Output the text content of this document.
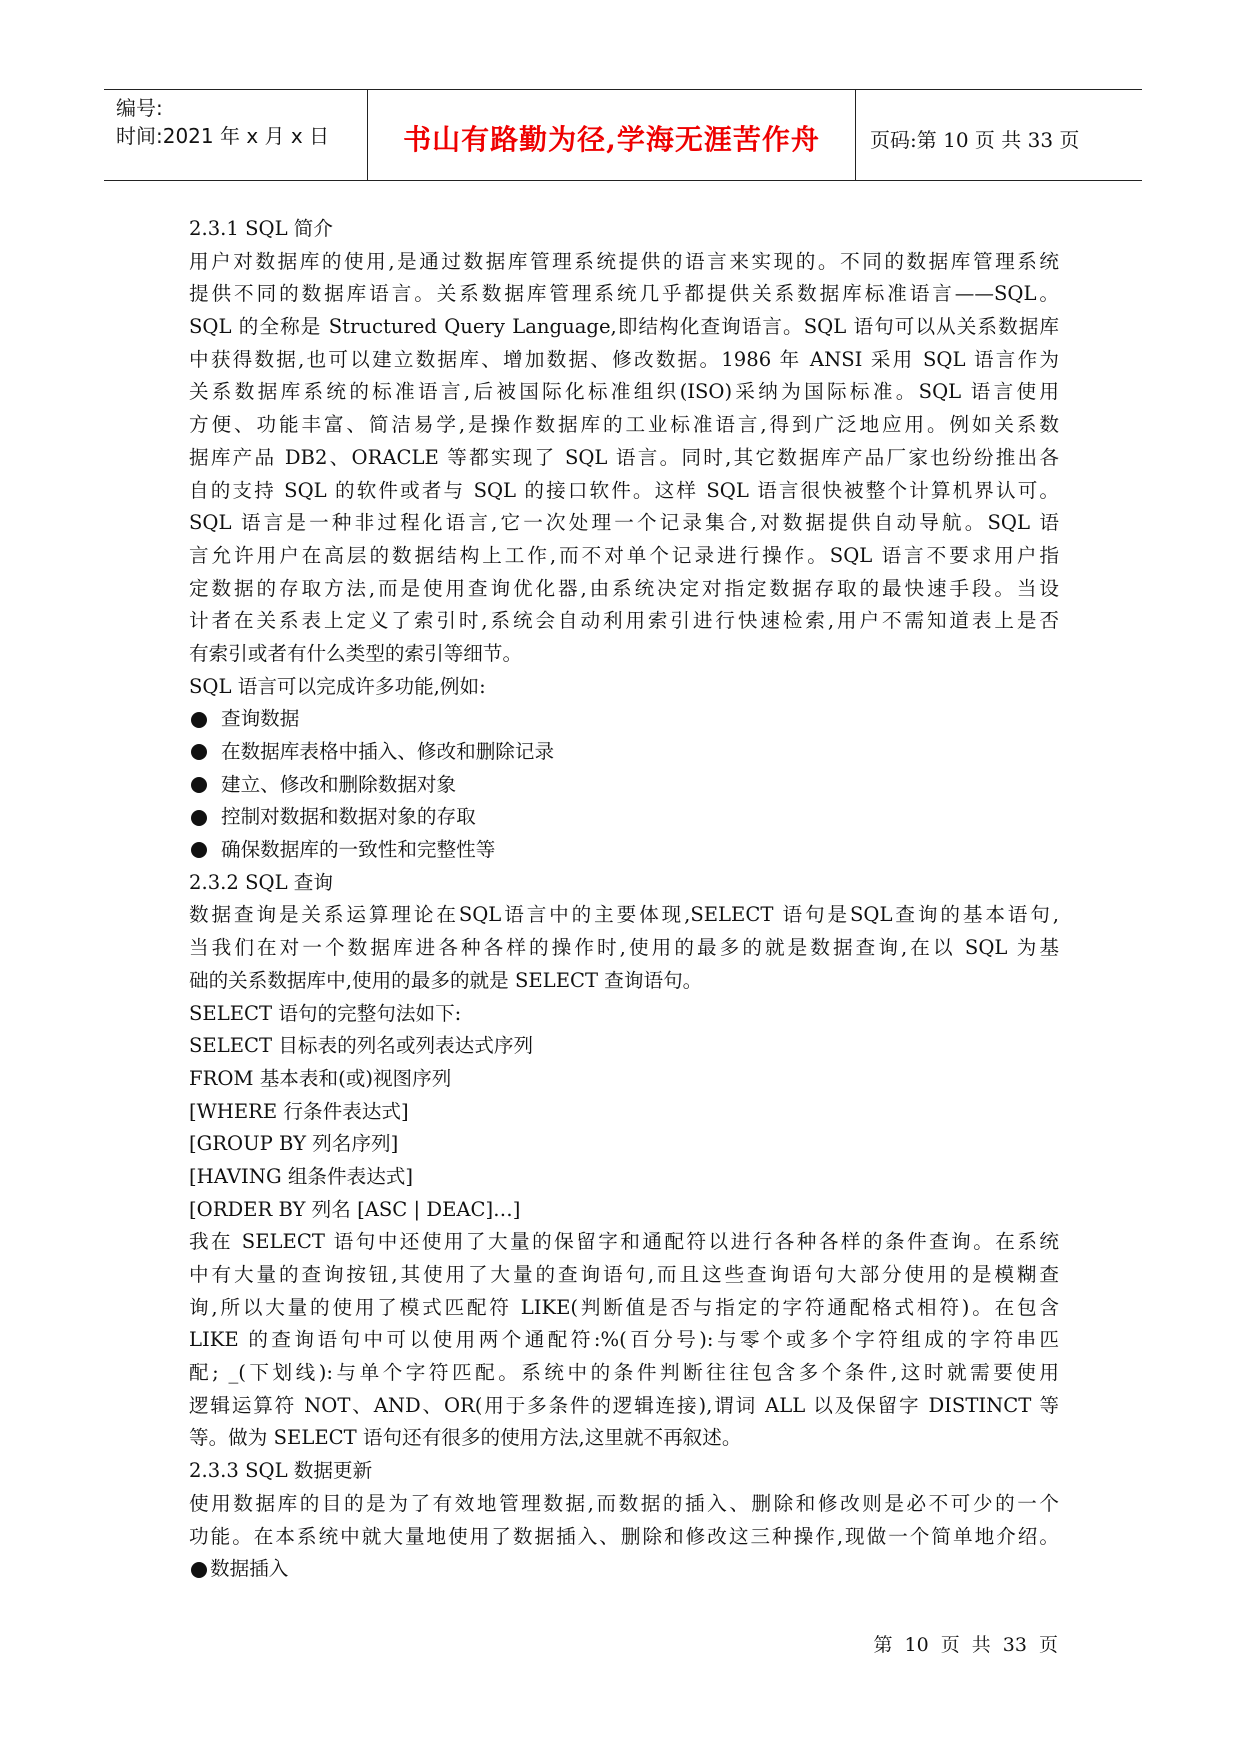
编号:
时间:2021 年 x 月 x 日	书山有路勤为径,学海无涯苦作舟	页码:第 10 页 共 33 页
2.3.1 SQL 简介
用户对数据库的使用,是通过数据库管理系统提供的语言来实现的。不同的数据库管理系统
提供不同的数据库语言。关系数据库管理系统几乎都提供关系数据库标准语言——SQL。
SQL 的全称是 Structured Query Language,即结构化查询语言。SQL 语句可以从关系数据库
中获得数据,也可以建立数据库、增加数据、修改数据。1986 年 ANSI 采用 SQL 语言作为
关系数据库系统的标准语言,后被国际化标准组织(ISO)采纳为国际标准。SQL 语言使用
方便、功能丰富、简洁易学,是操作数据库的工业标准语言,得到广泛地应用。例如关系数
据库产品 DB2、ORACLE 等都实现了 SQL 语言。同时,其它数据库产品厂家也纷纷推出各
自的支持 SQL 的软件或者与 SQL 的接口软件。这样 SQL 语言很快被整个计算机界认可。
SQL 语言是一种非过程化语言,它一次处理一个记录集合,对数据提供自动导航。SQL 语
言允许用户在高层的数据结构上工作,而不对单个记录进行操作。SQL 语言不要求用户指
定数据的存取方法,而是使用查询优化器,由系统决定对指定数据存取的最快速手段。当设
计者在关系表上定义了索引时,系统会自动利用索引进行快速检索,用户不需知道表上是否
有索引或者有什么类型的索引等细节。
SQL 语言可以完成许多功能,例如:
查询数据
在数据库表格中插入、修改和删除记录
建立、修改和删除数据对象
控制对数据和数据对象的存取
确保数据库的一致性和完整性等
2.3.2 SQL 查询
数据查询是关系运算理论在SQL语言中的主要体现,SELECT 语句是SQL查询的基本语句,
当我们在对一个数据库进各种各样的操作时,使用的最多的就是数据查询,在以 SQL 为基
础的关系数据库中,使用的最多的就是 SELECT 查询语句。
SELECT 语句的完整句法如下:
SELECT 目标表的列名或列表达式序列
FROM 基本表和(或)视图序列
[WHERE 行条件表达式]
[GROUP BY 列名序列]
[HAVING 组条件表达式]
[ORDER BY 列名 [ASC | DEAC]…]
我在 SELECT 语句中还使用了大量的保留字和通配符以进行各种各样的条件查询。在系统
中有大量的查询按钮,其使用了大量的查询语句,而且这些查询语句大部分使用的是模糊查
询,所以大量的使用了模式匹配符 LIKE(判断值是否与指定的字符通配格式相符)。在包含
LIKE 的查询语句中可以使用两个通配符:%(百分号):与零个或多个字符组成的字符串匹
配; _(下划线):与单个字符匹配。系统中的条件判断往往包含多个条件,这时就需要使用
逻辑运算符 NOT、AND、OR(用于多条件的逻辑连接),谓词 ALL 以及保留字 DISTINCT 等
等。做为 SELECT 语句还有很多的使用方法,这里就不再叙述。
2.3.3 SQL 数据更新
使用数据库的目的是为了有效地管理数据,而数据的插入、删除和修改则是必不可少的一个
功能。在本系统中就大量地使用了数据插入、删除和修改这三种操作,现做一个简单地介绍。
数据插入
第 10 页 共 33 页
